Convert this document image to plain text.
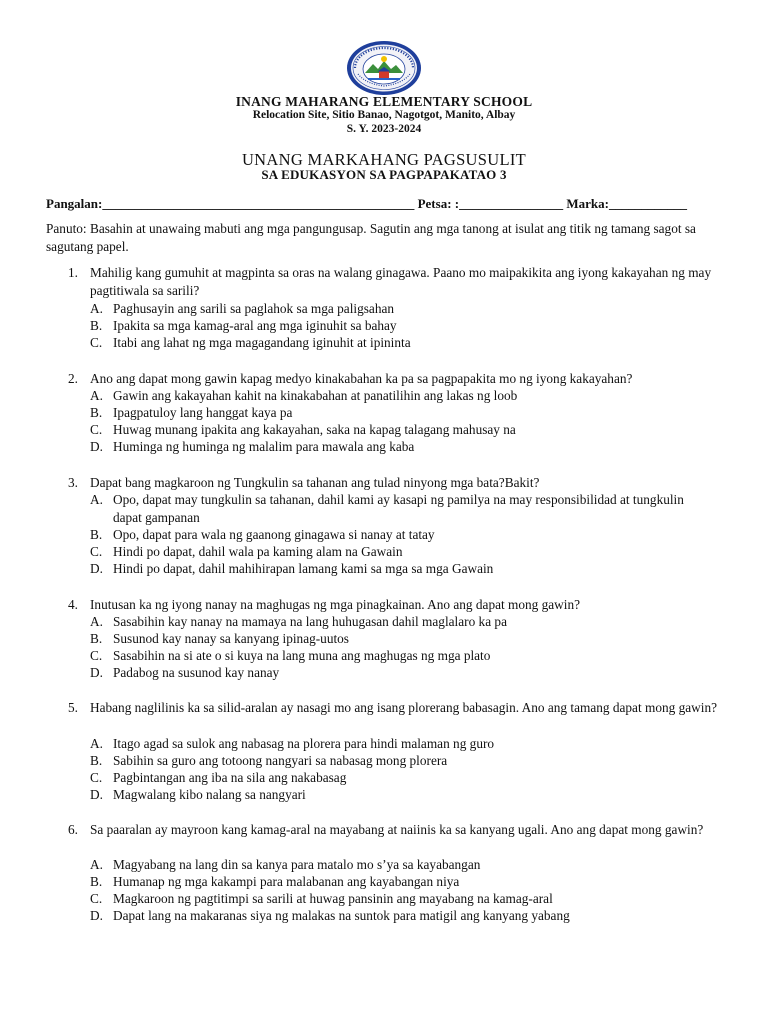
INANG MAHARANG ELEMENTARY SCHOOL
Relocation Site, Sitio Banao, Nagotgot, Manito, Albay
S. Y. 2023-2024
UNANG MARKAHANG PAGSUSULIT
SA EDUKASYON SA PAGPAPAKATAO 3
Pangalan:________________________________________________ Petsa: :________________ Marka:____________
Panuto: Basahin at unawaing mabuti ang mga pangungusap. Sagutin ang mga tanong at isulat ang titik ng tamang sagot sa sagutang papel.
1. Mahilig kang gumuhit at magpinta sa oras na walang ginagawa. Paano mo maipakikita ang iyong kakayahan ng may pagtitiwala sa sarili?
A. Paghusayin ang sarili sa paglahok sa mga paligsahan
B. Ipakita sa mga kamag-aral ang mga iginuhit sa bahay
C. Itabi ang lahat ng mga magagandang iginuhit at ipininta
2. Ano ang dapat mong gawin kapag medyo kinakabahan ka pa sa pagpapakita mo ng iyong kakayahan?
A. Gawin ang kakayahan kahit na kinakabahan at panatilihin ang lakas ng loob
B. Ipagpatuloy lang hanggat kaya pa
C. Huwag munang ipakita ang kakayahan, saka na kapag talagang mahusay na
D. Huminga ng huminga ng malalim para mawala ang kaba
3. Dapat bang magkaroon ng Tungkulin sa tahanan ang tulad ninyong mga bata?Bakit?
A. Opo, dapat may tungkulin sa tahanan, dahil kami ay kasapi ng pamilya na may responsibilidad at tungkulin dapat gampanan
B. Opo, dapat para wala ng gaanong ginagawa si nanay at tatay
C. Hindi po dapat, dahil wala pa kaming alam na Gawain
D. Hindi po dapat, dahil mahihirapan lamang kami sa mga sa mga Gawain
4. Inutusan ka ng iyong nanay na maghugas ng mga pinagkainan. Ano ang dapat mong gawin?
A. Sasabihin kay nanay na mamaya na lang huhugasan dahil maglalaro ka pa
B. Susunod kay nanay sa kanyang ipinag-uutos
C. Sasabihin na si ate o si kuya na lang muna ang maghugas ng mga plato
D. Padabog na susunod kay nanay
5. Habang naglilinis ka sa silid-aralan ay nasagi mo ang isang plorerang babasagin. Ano ang tamang dapat mong gawin?
A. Itago agad sa sulok ang nabasag na plorera para hindi malaman ng guro
B. Sabihin sa guro ang totoong nangyari sa nabasag mong plorera
C. Pagbintangan ang iba na sila ang nakabasag
D. Magwalang kibo nalang sa nangyari
6. Sa paaralan ay mayroon kang kamag-aral na mayabang at naiinis ka sa kanyang ugali. Ano ang dapat mong gawin?
A. Magyabang na lang din sa kanya para matalo mo s’ya sa kayabangan
B. Humanap ng mga kakampi para malabanan ang kayabangan niya
C. Magkaroon ng pagtitimpi sa sarili at huwag pansinin ang mayabang na kamag-aral
D. Dapat lang na makaranas siya ng malakas na suntok para matigil ang kanyang yabang
